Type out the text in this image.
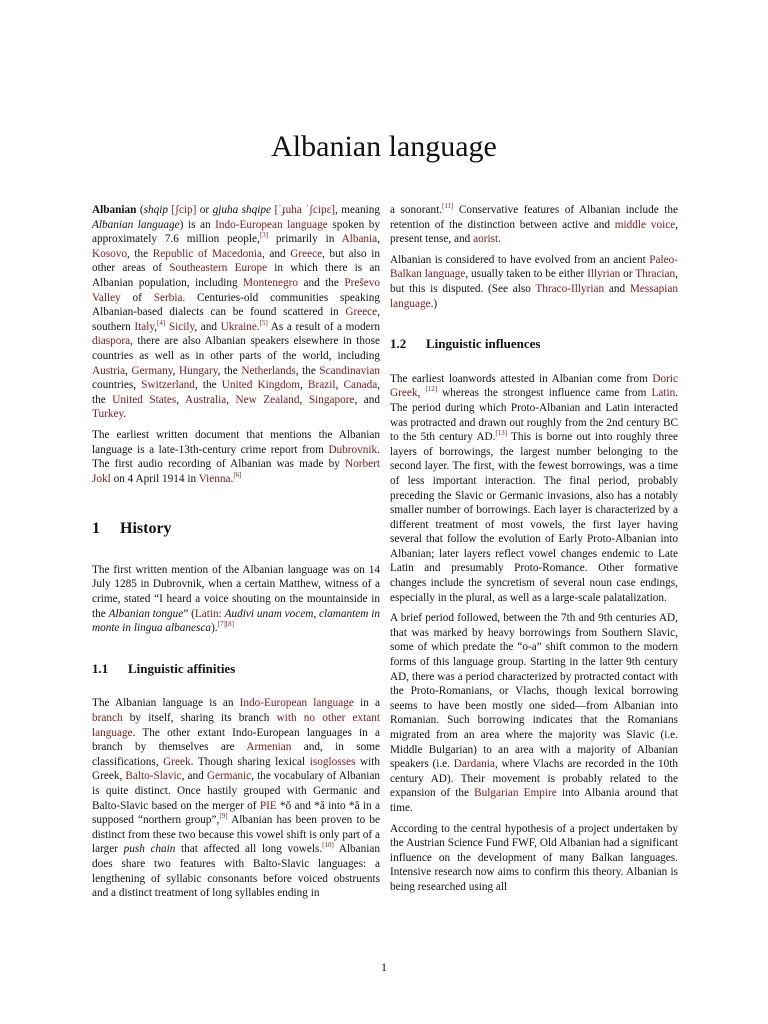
Albanian language

Albanian (shqip [ʃcip] or gjuha shqipe [ˈɟuha ˈʃcipɛ], meaning Albanian language) is an Indo-European language spoken by approximately 7.6 million people,[3] primarily in Albania, Kosovo, the Republic of Macedonia, and Greece, but also in other areas of Southeastern Europe in which there is an Albanian population, including Montenegro and the Preševo Valley of Serbia. Centuries-old communities speaking Albanian-based dialects can be found scattered in Greece, southern Italy,[4] Sicily, and Ukraine.[5] As a result of a modern diaspora, there are also Albanian speakers elsewhere in those countries as well as in other parts of the world, including Austria, Germany, Hungary, the Netherlands, the Scandinavian countries, Switzerland, the United Kingdom, Brazil, Canada, the United States, Australia, New Zealand, Singapore, and Turkey.

The earliest written document that mentions the Albanian language is a late-13th-century crime report from Dubrovnik. The first audio recording of Albanian was made by Norbert Jokl on 4 April 1914 in Vienna.[6]

1 History

The first written mention of the Albanian language was on 14 July 1285 in Dubrovnik, when a certain Matthew, witness of a crime, stated “I heard a voice shouting on the mountainside in the Albanian tongue” (Latin: Audivi unam vocem, clamantem in monte in lingua albanesca).[7][8]

1.1 Linguistic affinities

The Albanian language is an Indo-European language in a branch by itself, sharing its branch with no other extant language. The other extant Indo-European languages in a branch by themselves are Armenian and, in some classifications, Greek. Though sharing lexical isoglosses with Greek, Balto-Slavic, and Germanic, the vocabulary of Albanian is quite distinct. Once hastily grouped with Germanic and Balto-Slavic based on the merger of PIE *ŏ and *ă into *ă in a supposed “northern group”,[9] Albanian has been proven to be distinct from these two because this vowel shift is only part of a larger push chain that affected all long vowels.[10] Albanian does share two features with Balto-Slavic languages: a lengthening of syllabic consonants before voiced obstruents and a distinct treatment of long syllables ending in

a sonorant.[11] Conservative features of Albanian include the retention of the distinction between active and middle voice, present tense, and aorist.

Albanian is considered to have evolved from an ancient Paleo-Balkan language, usually taken to be either Illyrian or Thracian, but this is disputed. (See also Thraco-Illyrian and Messapian language.)

1.2 Linguistic influences

The earliest loanwords attested in Albanian come from Doric Greek, [12] whereas the strongest influence came from Latin. The period during which Proto-Albanian and Latin interacted was protracted and drawn out roughly from the 2nd century BC to the 5th century AD.[13] This is borne out into roughly three layers of borrowings, the largest number belonging to the second layer. The first, with the fewest borrowings, was a time of less important interaction. The final period, probably preceding the Slavic or Germanic invasions, also has a notably smaller number of borrowings. Each layer is characterized by a different treatment of most vowels, the first layer having several that follow the evolution of Early Proto-Albanian into Albanian; later layers reflect vowel changes endemic to Late Latin and presumably Proto-Romance. Other formative changes include the syncretism of several noun case endings, especially in the plural, as well as a large-scale palatalization.

A brief period followed, between the 7th and 9th centuries AD, that was marked by heavy borrowings from Southern Slavic, some of which predate the “o-a” shift common to the modern forms of this language group. Starting in the latter 9th century AD, there was a period characterized by protracted contact with the Proto-Romanians, or Vlachs, though lexical borrowing seems to have been mostly one sided—from Albanian into Romanian. Such borrowing indicates that the Romanians migrated from an area where the majority was Slavic (i.e. Middle Bulgarian) to an area with a majority of Albanian speakers (i.e. Dardania, where Vlachs are recorded in the 10th century AD). Their movement is probably related to the expansion of the Bulgarian Empire into Albania around that time.

According to the central hypothesis of a project undertaken by the Austrian Science Fund FWF, Old Albanian had a significant influence on the development of many Balkan languages. Intensive research now aims to confirm this theory. Albanian is being researched using all

1
